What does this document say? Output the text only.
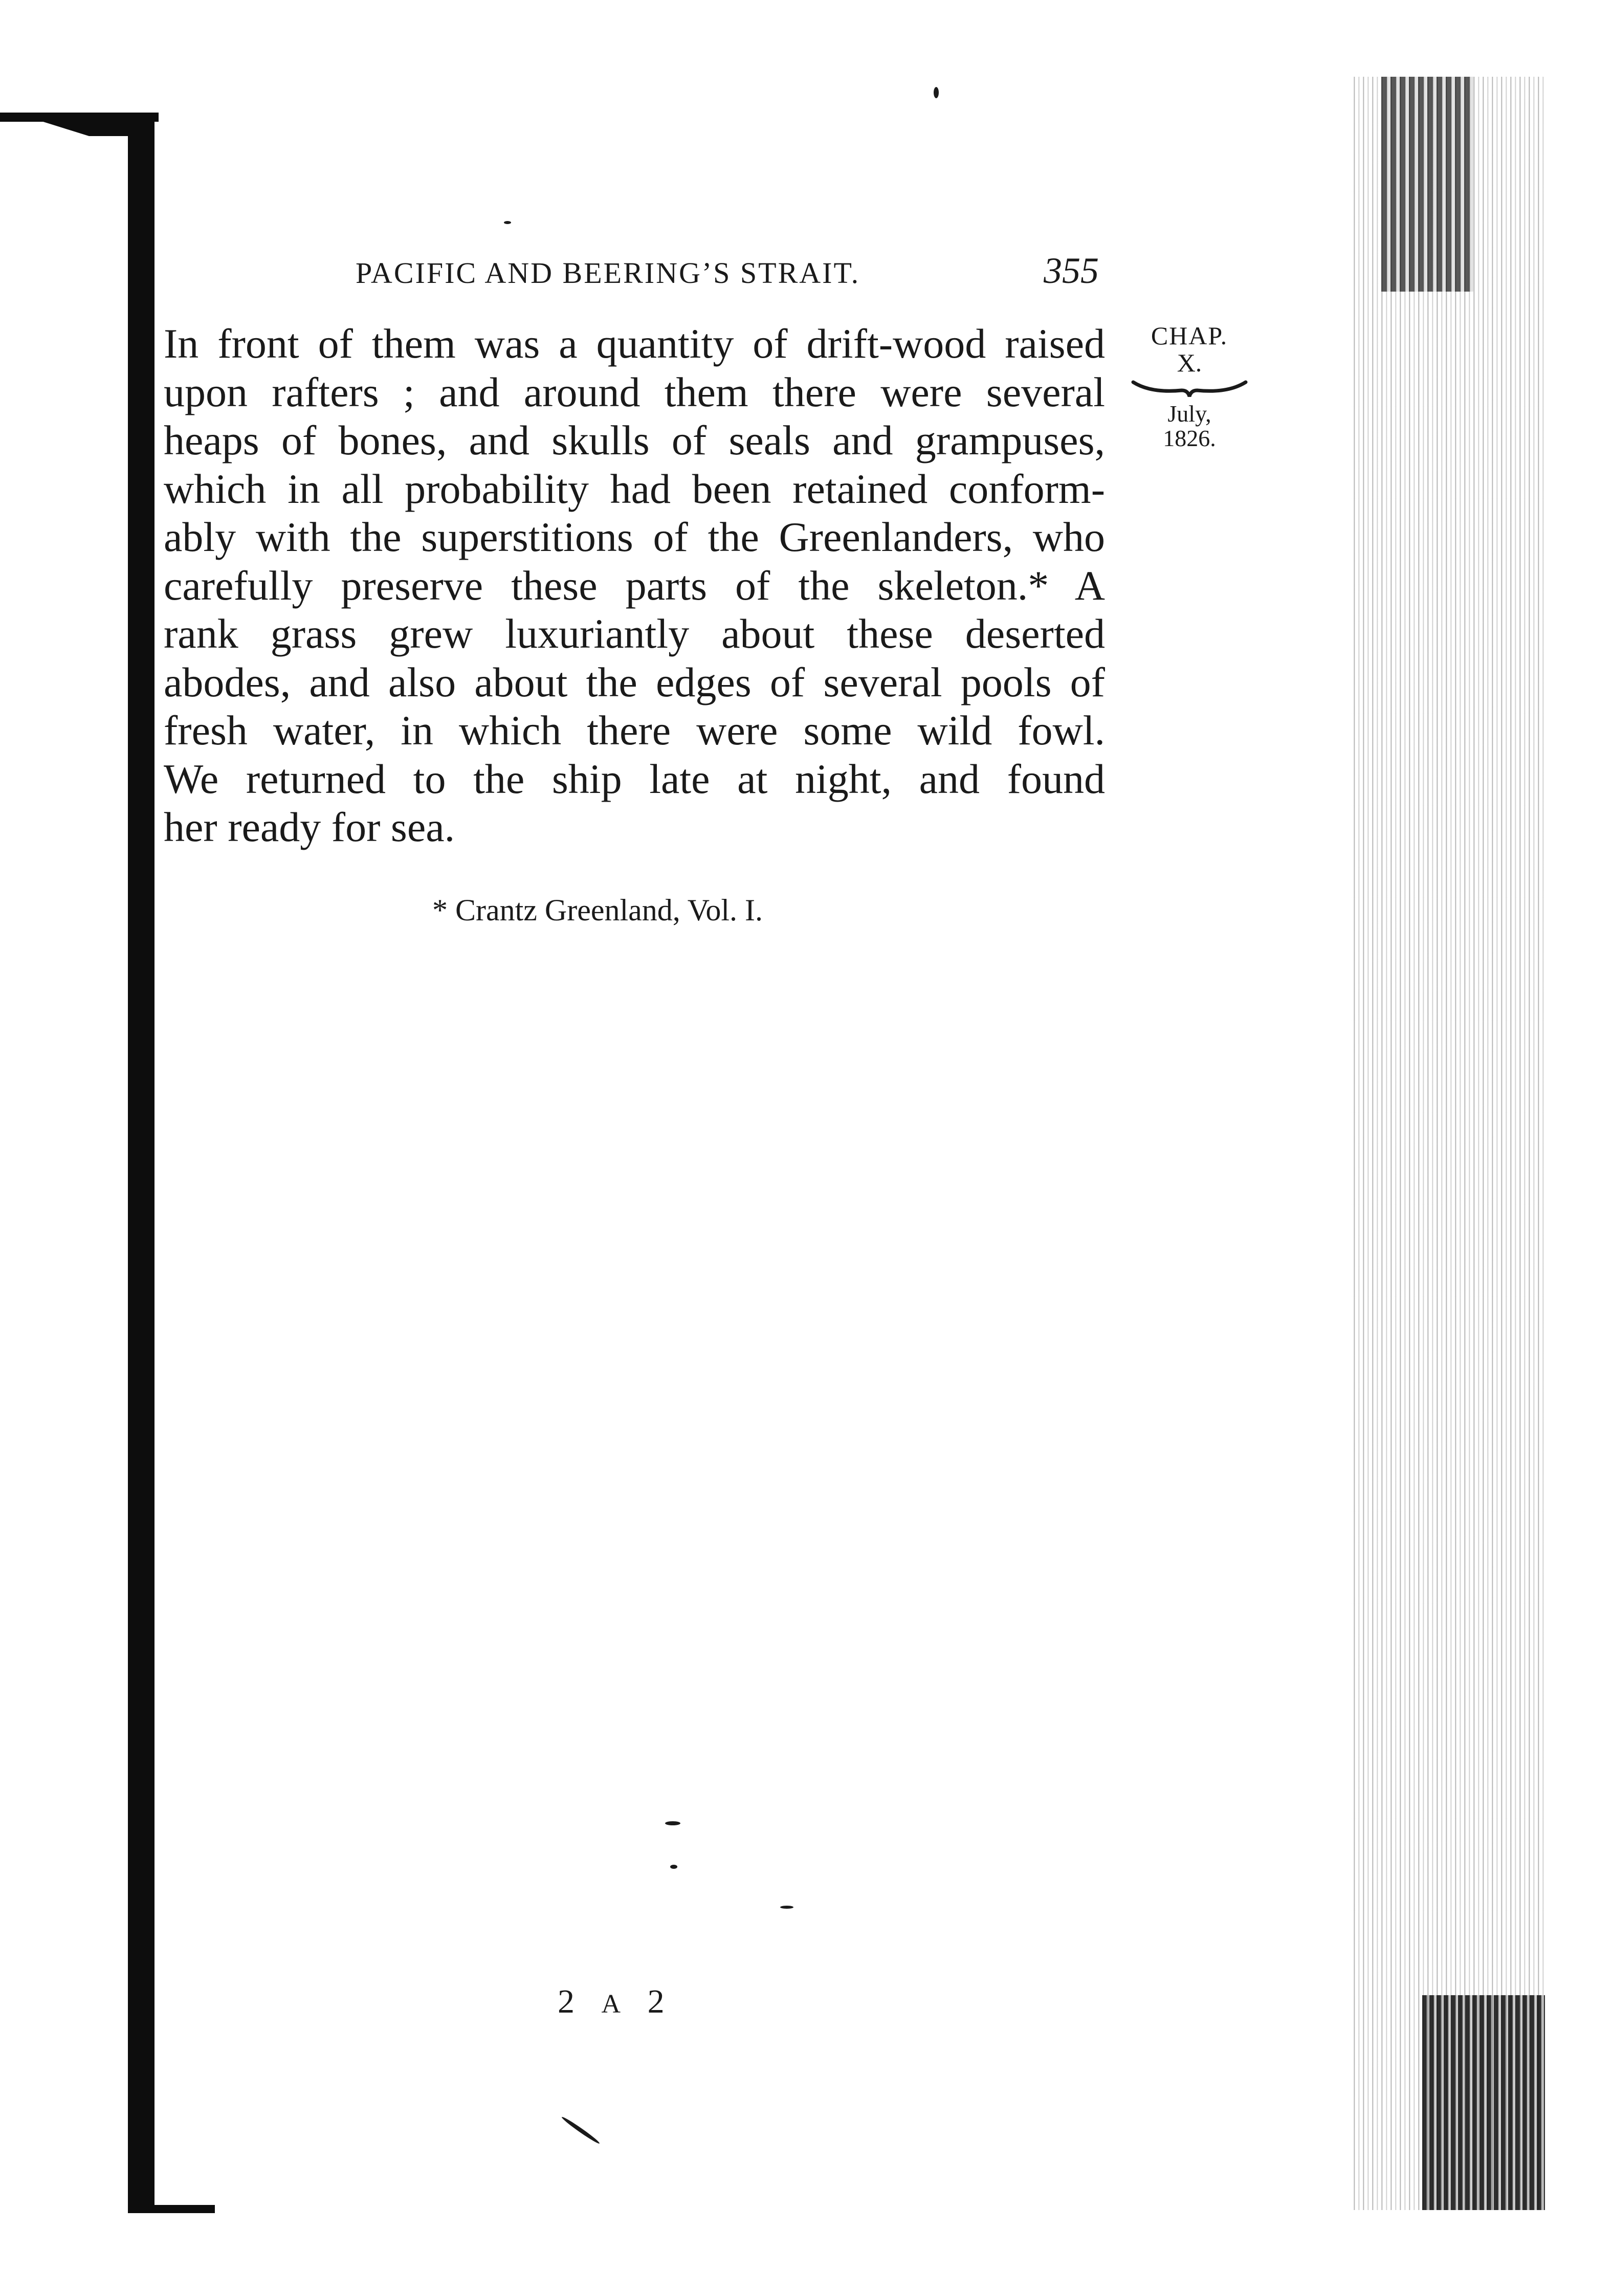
PACIFIC AND BEERING’S STRAIT.	355
CHAP.
X.
July,
1826.
In front of them was a quantity of drift-wood raised
upon rafters ; and around them there were several
heaps of bones, and skulls of seals and grampuses,
which in all probability had been retained conform-
ably with the superstitions of the Greenlanders, who
carefully preserve these parts of the skeleton.* A
rank grass grew luxuriantly about these deserted
abodes, and also about the edges of several pools of
fresh water, in which there were some wild fowl.
We returned to the ship late at night, and found
her ready for sea.
* Crantz Greenland, Vol. I.
2 A 2
